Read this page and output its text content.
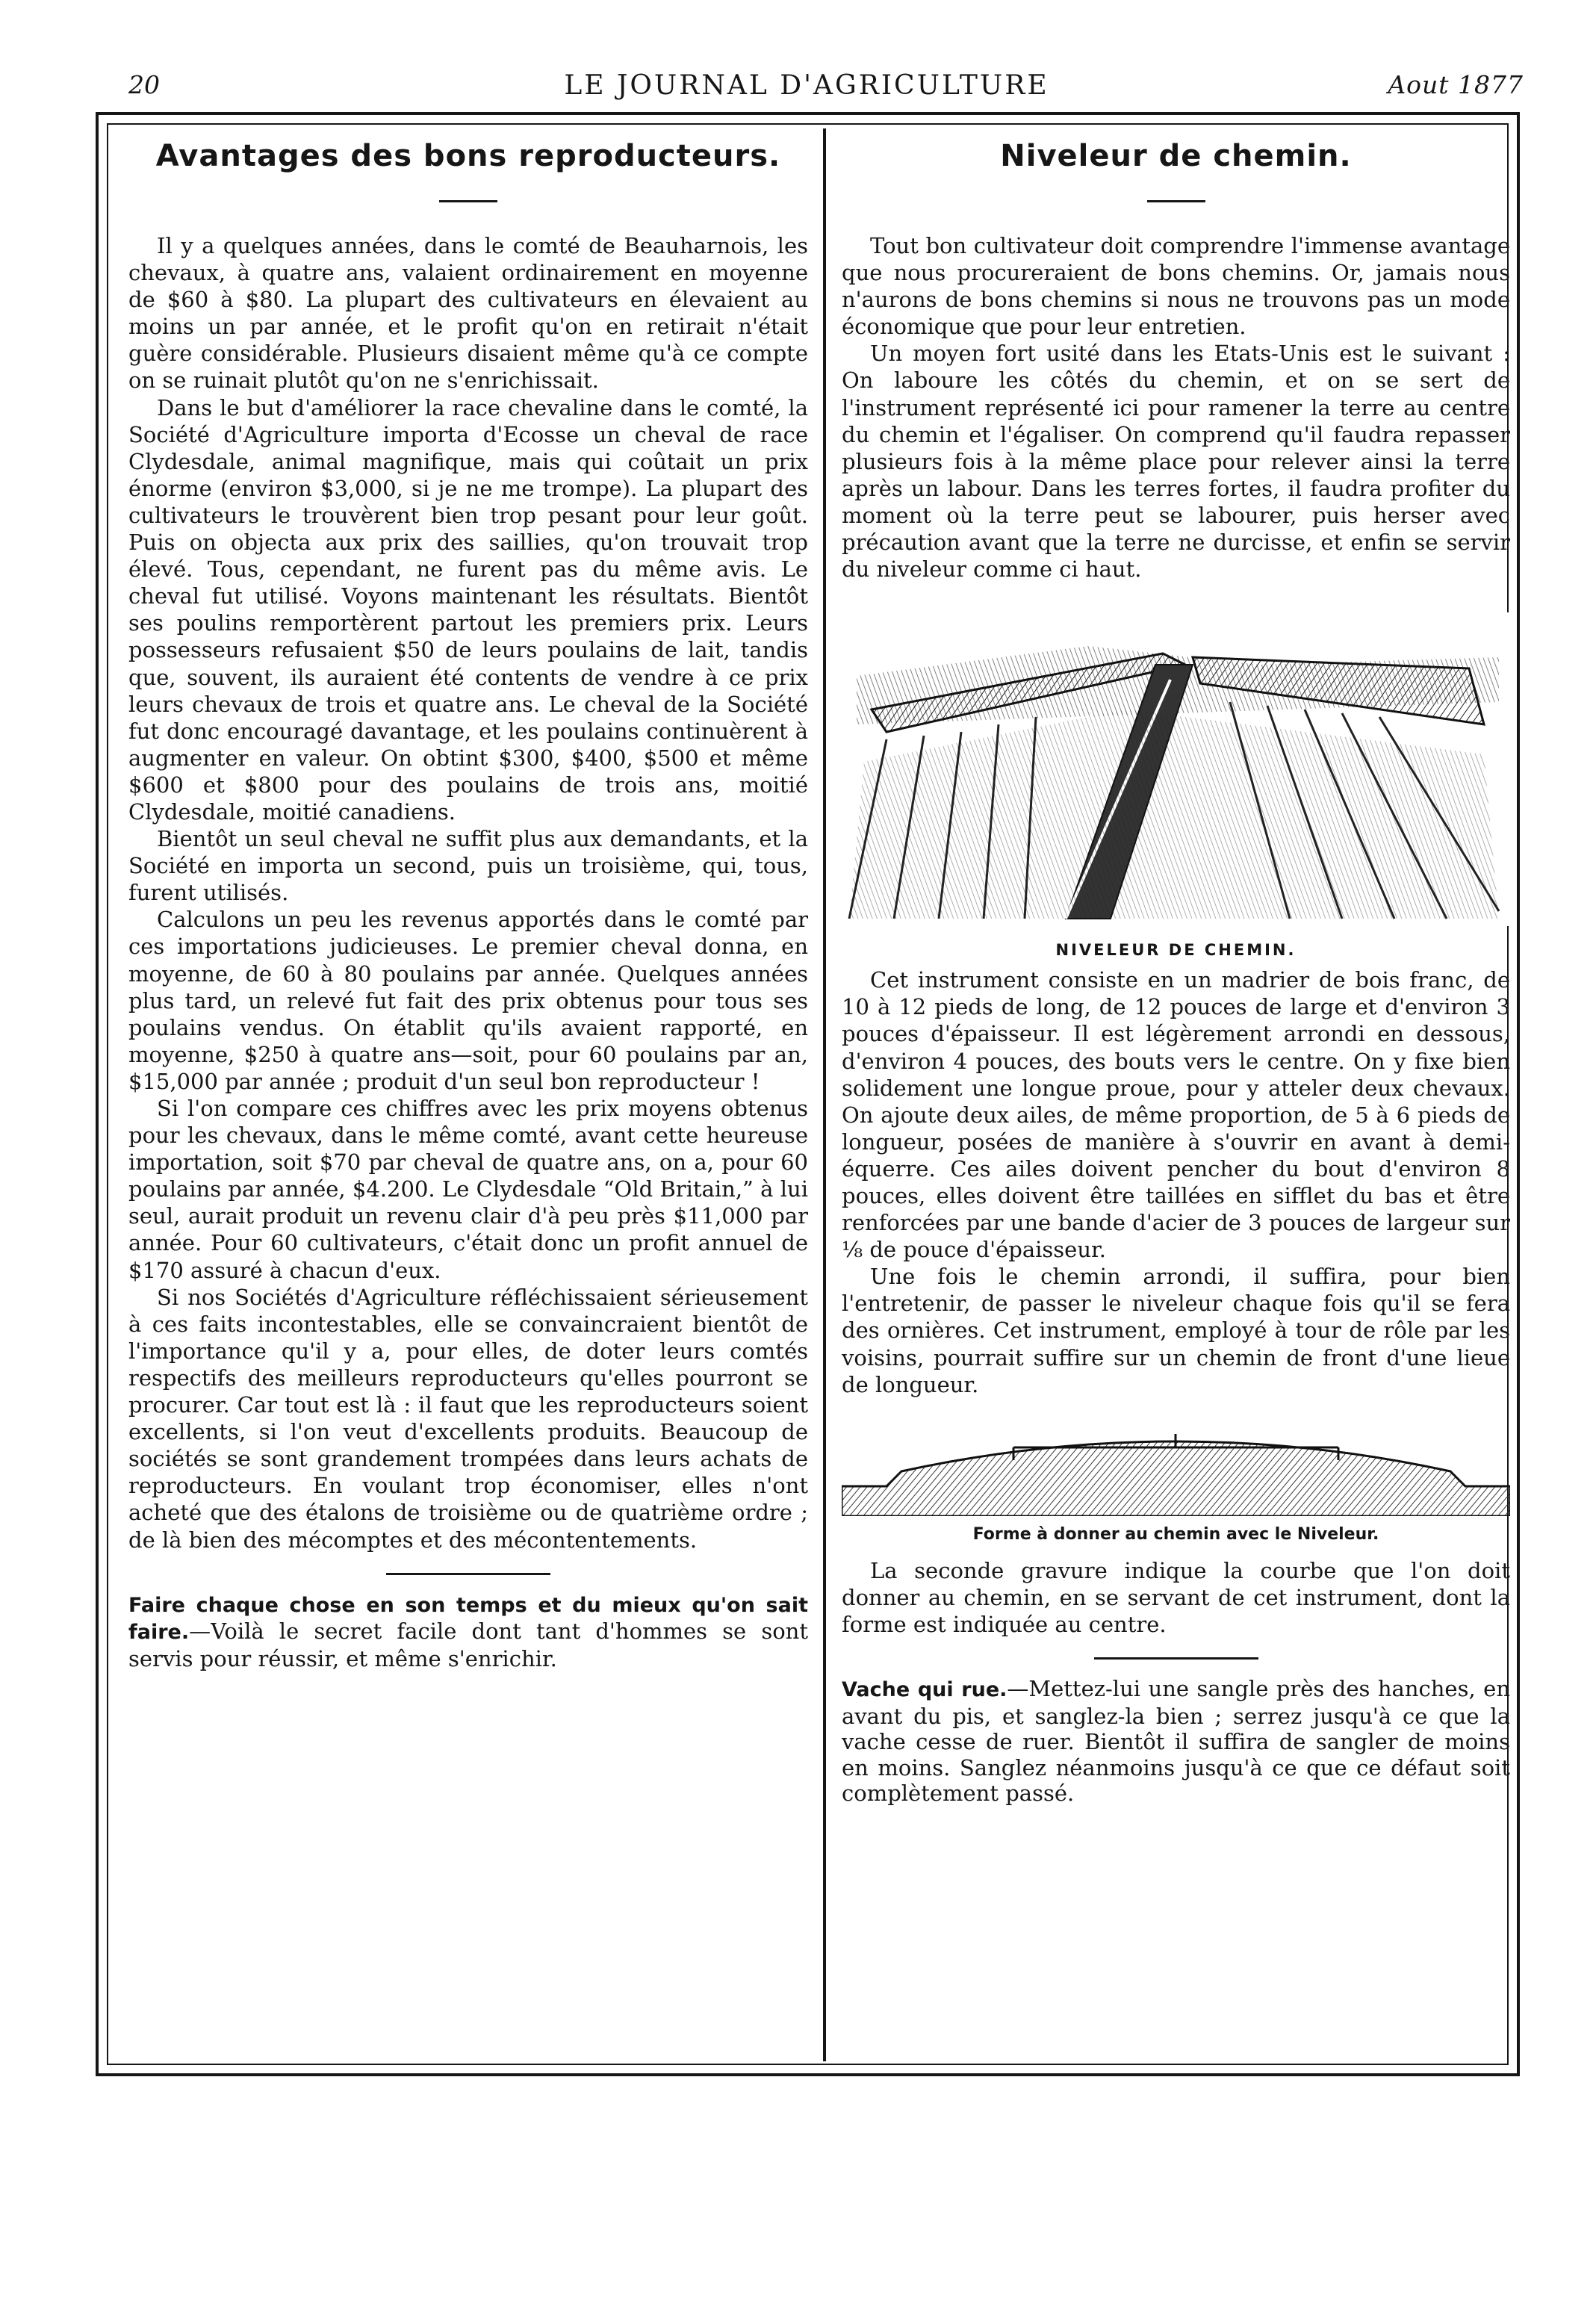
20	LE JOURNAL D'AGRICULTURE	Aout 1877
Avantages des bons reproducteurs.

Il y a quelques années, dans le comté de Beauharnois, les chevaux, à quatre ans, valaient ordinairement en moyenne de $60 à $80. La plupart des cultivateurs en élevaient au moins un par année, et le profit qu'on en retirait n'était guère considérable. Plusieurs disaient même qu'à ce compte on se ruinait plutôt qu'on ne s'enrichissait.

Dans le but d'améliorer la race chevaline dans le comté, la Société d'Agriculture importa d'Ecosse un cheval de race Clydesdale, animal magnifique, mais qui coûtait un prix énorme (environ $3,000, si je ne me trompe). La plupart des cultivateurs le trouvèrent bien trop pesant pour leur goût. Puis on objecta aux prix des saillies, qu'on trouvait trop élevé. Tous, cependant, ne furent pas du même avis. Le cheval fut utilisé. Voyons maintenant les résultats. Bientôt ses poulins remportèrent partout les premiers prix. Leurs possesseurs refusaient $50 de leurs poulains de lait, tandis que, souvent, ils auraient été contents de vendre à ce prix leurs chevaux de trois et quatre ans. Le cheval de la Société fut donc encouragé davantage, et les poulains continuèrent à augmenter en valeur. On obtint $300, $400, $500 et même $600 et $800 pour des poulains de trois ans, moitié Clydesdale, moitié canadiens.

Bientôt un seul cheval ne suffit plus aux demandants, et la Société en importa un second, puis un troisième, qui, tous, furent utilisés.

Calculons un peu les revenus apportés dans le comté par ces importations judicieuses. Le premier cheval donna, en moyenne, de 60 à 80 poulains par année. Quelques années plus tard, un relevé fut fait des prix obtenus pour tous ses poulains vendus. On établit qu'ils avaient rapporté, en moyenne, $250 à quatre ans—soit, pour 60 poulains par an, $15,000 par année ; produit d'un seul bon reproducteur !

Si l'on compare ces chiffres avec les prix moyens obtenus pour les chevaux, dans le même comté, avant cette heureuse importation, soit $70 par cheval de quatre ans, on a, pour 60 poulains par année, $4.200. Le Clydesdale “Old Britain,” à lui seul, aurait produit un revenu clair d'à peu près $11,000 par année. Pour 60 cultivateurs, c'était donc un profit annuel de $170 assuré à chacun d'eux.

Si nos Sociétés d'Agriculture réfléchissaient sérieusement à ces faits incontestables, elle se convaincraient bientôt de l'importance qu'il y a, pour elles, de doter leurs comtés respectifs des meilleurs reproducteurs qu'elles pourront se procurer. Car tout est là : il faut que les reproducteurs soient excellents, si l'on veut d'excellents produits. Beaucoup de sociétés se sont grandement trompées dans leurs achats de reproducteurs. En voulant trop économiser, elles n'ont acheté que des étalons de troisième ou de quatrième ordre ; de là bien des mécomptes et des mécontentements.

Faire chaque chose en son temps et du mieux qu'on sait faire.—Voilà le secret facile dont tant d'hommes se sont servis pour réussir, et même s'enrichir.

Niveleur de chemin.

Tout bon cultivateur doit comprendre l'immense avantage que nous procureraient de bons chemins. Or, jamais nous n'aurons de bons chemins si nous ne trouvons pas un mode économique que pour leur entretien.

Un moyen fort usité dans les Etats-Unis est le suivant : On laboure les côtés du chemin, et on se sert de l'instrument représenté ici pour ramener la terre au centre du chemin et l'égaliser. On comprend qu'il faudra repasser plusieurs fois à la même place pour relever ainsi la terre après un labour. Dans les terres fortes, il faudra profiter du moment où la terre peut se labourer, puis herser avec précaution avant que la terre ne durcisse, et enfin se servir du niveleur comme ci haut.

NIVELEUR DE CHEMIN.

Cet instrument consiste en un madrier de bois franc, de 10 à 12 pieds de long, de 12 pouces de large et d'environ 3 pouces d'épaisseur. Il est légèrement arrondi en dessous, d'environ 4 pouces, des bouts vers le centre. On y fixe bien solidement une longue proue, pour y atteler deux chevaux. On ajoute deux ailes, de même proportion, de 5 à 6 pieds de longueur, posées de manière à s'ouvrir en avant à demi-équerre. Ces ailes doivent pencher du bout d'environ 8 pouces, elles doivent être taillées en sifflet du bas et être renforcées par une bande d'acier de 3 pouces de largeur sur ⅛ de pouce d'épaisseur.

Une fois le chemin arrondi, il suffira, pour bien l'entretenir, de passer le niveleur chaque fois qu'il se fera des ornières. Cet instrument, employé à tour de rôle par les voisins, pourrait suffire sur un chemin de front d'une lieue de longueur.

Forme à donner au chemin avec le Niveleur.

La seconde gravure indique la courbe que l'on doit donner au chemin, en se servant de cet instrument, dont la forme est indiquée au centre.

Vache qui rue.—Mettez-lui une sangle près des hanches, en avant du pis, et sanglez-la bien ; serrez jusqu'à ce que la vache cesse de ruer. Bientôt il suffira de sangler de moins en moins. Sanglez néanmoins jusqu'à ce que ce défaut soit complètement passé.
